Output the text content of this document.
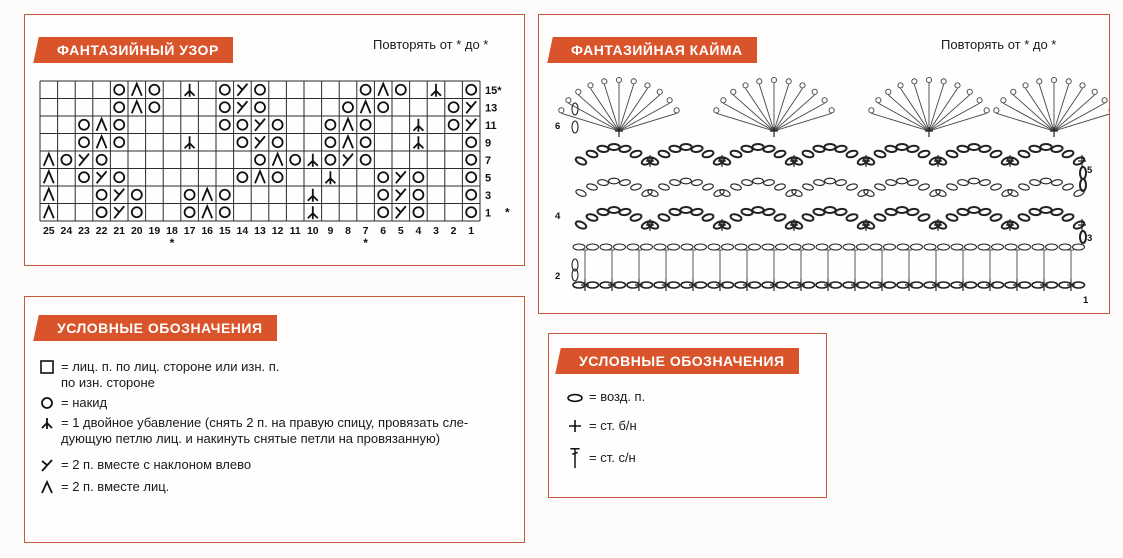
ФАНТАЗИЙНЫЙ УЗОР	Повторять от * до *
15*
13
11
9
7
5
3
1 *
25 24 23 22 21 20 19 18 17 16 15 14 13 12 11 10 9 8 7 6 5 4 3 2 1
*	*
ФАНТАЗИЙНАЯ КАЙМА	Повторять от * до *
6
5
4
3
2
1
УСЛОВНЫЕ ОБОЗНАЧЕНИЯ
= лиц. п. по лиц. стороне или изн. п.
по изн. стороне
= накид
= 1 двойное убавление (снять 2 п. на правую спицу, провязать сле-
дующую петлю лиц. и накинуть снятые петли на провязанную)
= 2 п. вместе с наклоном влево
= 2 п. вместе лиц.
УСЛОВНЫЕ ОБОЗНАЧЕНИЯ
= возд. п.
= ст. б/н
= ст. с/н
